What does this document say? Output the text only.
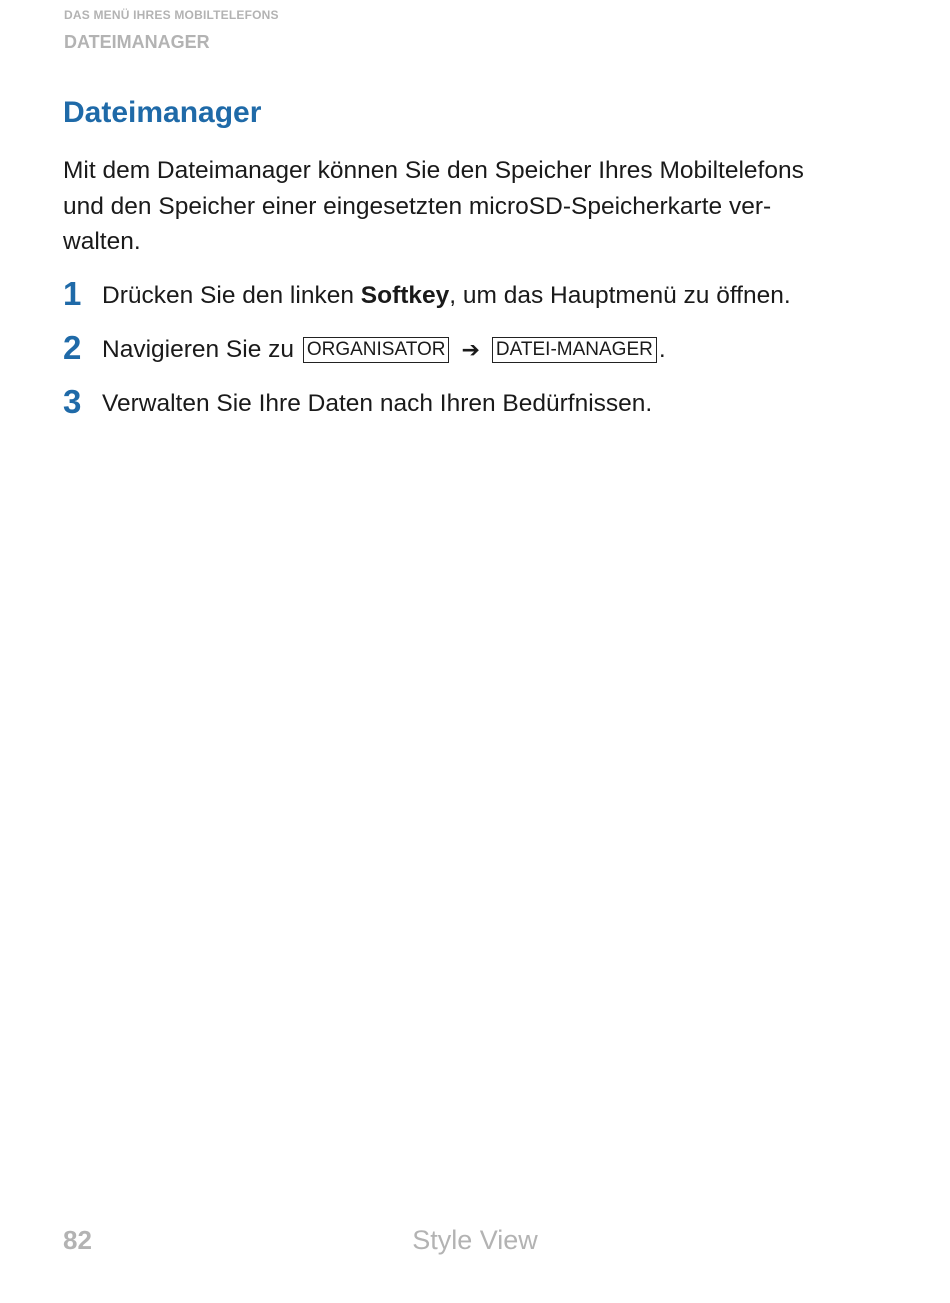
DAS MENÜ IHRES MOBILTELEFONS
DATEIMANAGER
Dateimanager

Mit dem Dateimanager können Sie den Speicher Ihres Mobiltelefons
und den Speicher einer eingesetzten microSD-Speicherkarte ver-
walten.

1 Drücken Sie den linken Softkey, um das Hauptmenü zu öffnen.
2 Navigieren Sie zu ORGANISATOR ➔ DATEI-MANAGER .
3 Verwalten Sie Ihre Daten nach Ihren Bedürfnissen.
82	Style View
